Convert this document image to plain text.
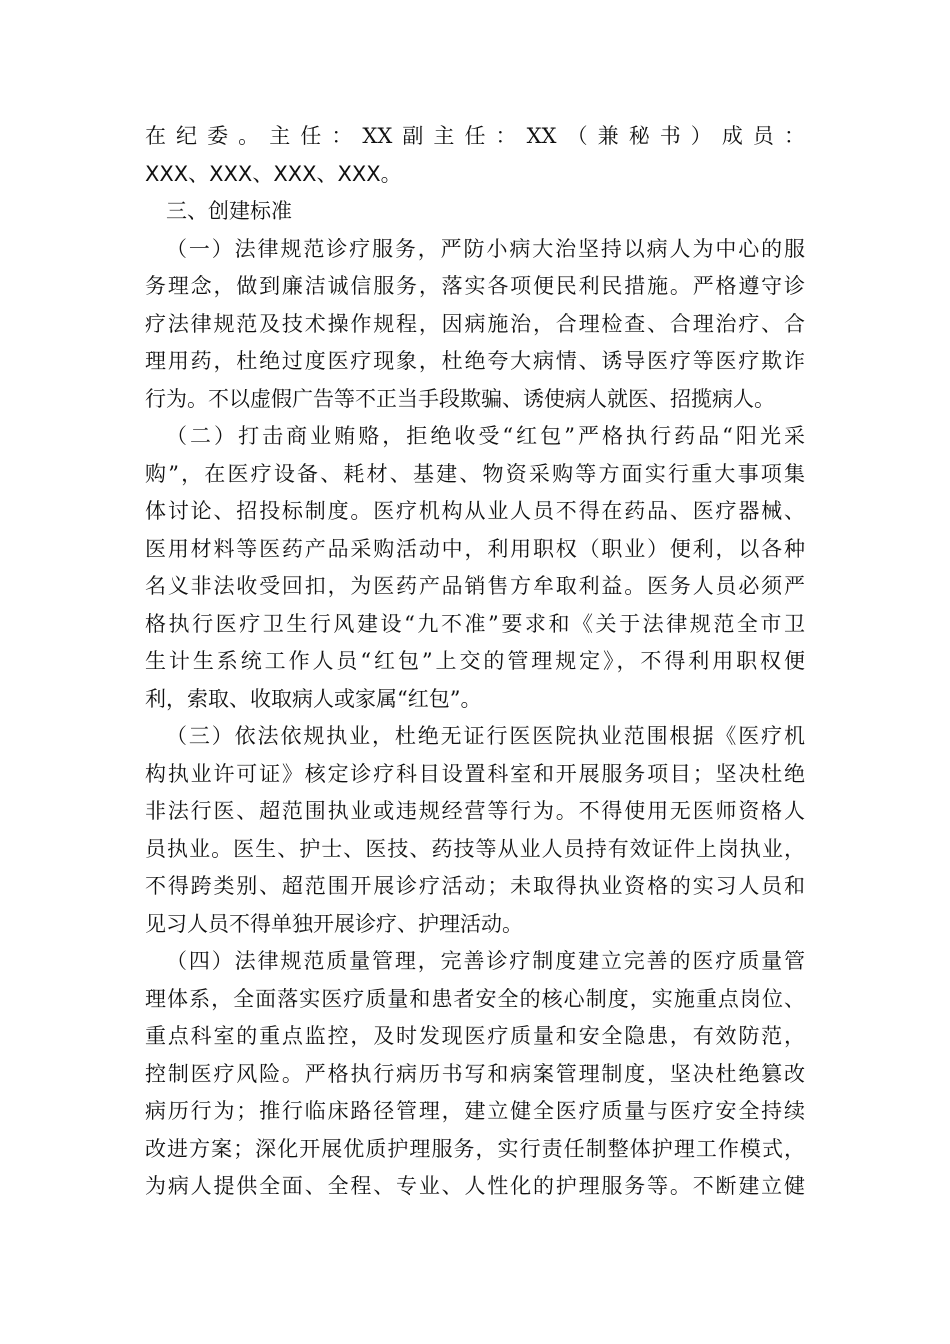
在纪委。主任：XX副主任：XX（兼秘书）成员：
XXX、XXX、XXX、XXX。
三、创建标准
（一）法律规范诊疗服务，严防小病大治坚持以病人为中心的服
务理念，做到廉洁诚信服务，落实各项便民利民措施。严格遵守诊
疗法律规范及技术操作规程，因病施治，合理检查、合理治疗、合
理用药，杜绝过度医疗现象，杜绝夸大病情、诱导医疗等医疗欺诈
行为。不以虚假广告等不正当手段欺骗、诱使病人就医、招揽病人。
（二）打击商业贿赂，拒绝收受“红包”严格执行药品“阳光采
购”，在医疗设备、耗材、基建、物资采购等方面实行重大事项集
体讨论、招投标制度。医疗机构从业人员不得在药品、医疗器械、
医用材料等医药产品采购活动中，利用职权（职业）便利，以各种
名义非法收受回扣，为医药产品销售方牟取利益。医务人员必须严
格执行医疗卫生行风建设“九不准”要求和《关于法律规范全市卫
生计生系统工作人员“红包”上交的管理规定》，不得利用职权便
利，索取、收取病人或家属“红包”。
（三）依法依规执业，杜绝无证行医医院执业范围根据《医疗机
构执业许可证》核定诊疗科目设置科室和开展服务项目；坚决杜绝
非法行医、超范围执业或违规经营等行为。不得使用无医师资格人
员执业。医生、护士、医技、药技等从业人员持有效证件上岗执业，
不得跨类别、超范围开展诊疗活动；未取得执业资格的实习人员和
见习人员不得单独开展诊疗、护理活动。
（四）法律规范质量管理，完善诊疗制度建立完善的医疗质量管
理体系，全面落实医疗质量和患者安全的核心制度，实施重点岗位、
重点科室的重点监控，及时发现医疗质量和安全隐患，有效防范，
控制医疗风险。严格执行病历书写和病案管理制度，坚决杜绝篡改
病历行为；推行临床路径管理，建立健全医疗质量与医疗安全持续
改进方案；深化开展优质护理服务，实行责任制整体护理工作模式，
为病人提供全面、全程、专业、人性化的护理服务等。不断建立健
